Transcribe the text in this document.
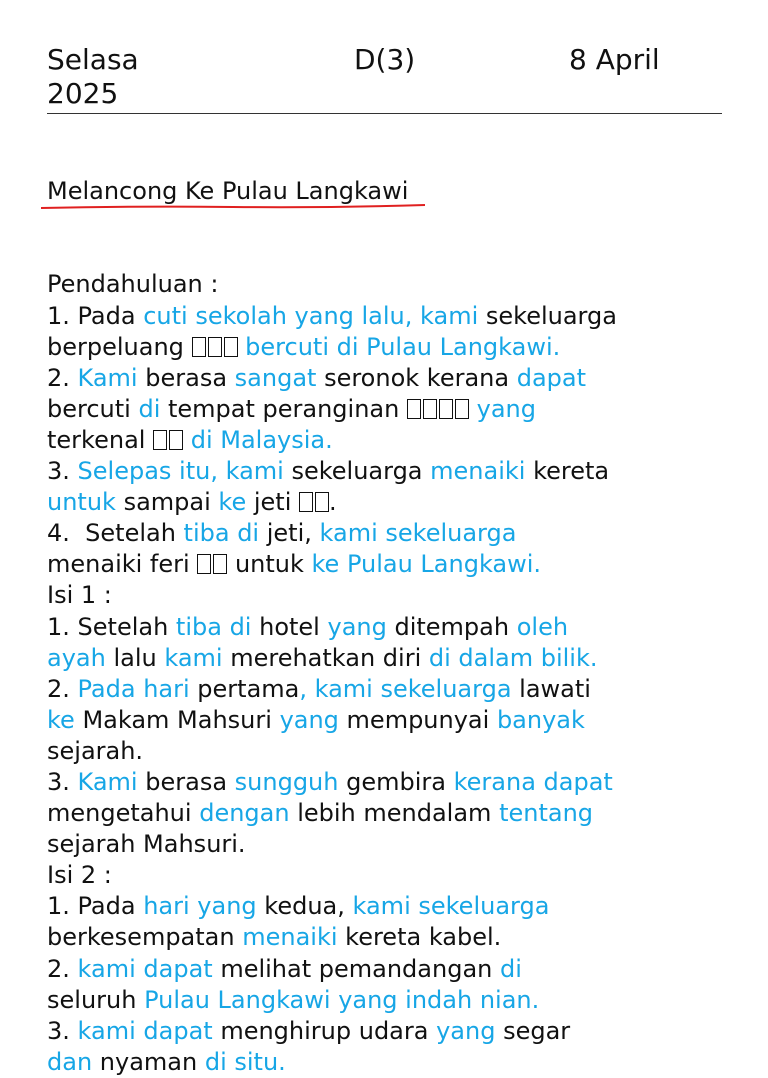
Selasa	D(3)	8 April
2025

Melancong Ke Pulau Langkawi

Pendahuluan :
1. Pada cuti sekolah yang lalu, kami sekeluarga
berpeluang  bercuti di Pulau Langkawi.
2. Kami berasa sangat seronok kerana dapat
bercuti di tempat peranginan	yang
terkenal  di Malaysia.
3. Selepas itu, kami sekeluarga menaiki kereta
untuk sampai ke jeti .
4.  Setelah tiba di jeti, kami sekeluarga
menaiki feri  untuk ke Pulau Langkawi.
Isi 1 :
1. Setelah tiba di hotel yang ditempah oleh
ayah lalu kami merehatkan diri di dalam bilik.
2. Pada hari pertama, kami sekeluarga lawati
ke Makam Mahsuri yang mempunyai banyak
sejarah.
3. Kami berasa sungguh gembira kerana dapat
mengetahui dengan lebih mendalam tentang
sejarah Mahsuri.
Isi 2 :
1. Pada hari yang kedua, kami sekeluarga
berkesempatan menaiki kereta kabel.
2. kami dapat melihat pemandangan di
seluruh Pulau Langkawi yang indah nian.
3. kami dapat menghirup udara yang segar
dan nyaman di situ.
